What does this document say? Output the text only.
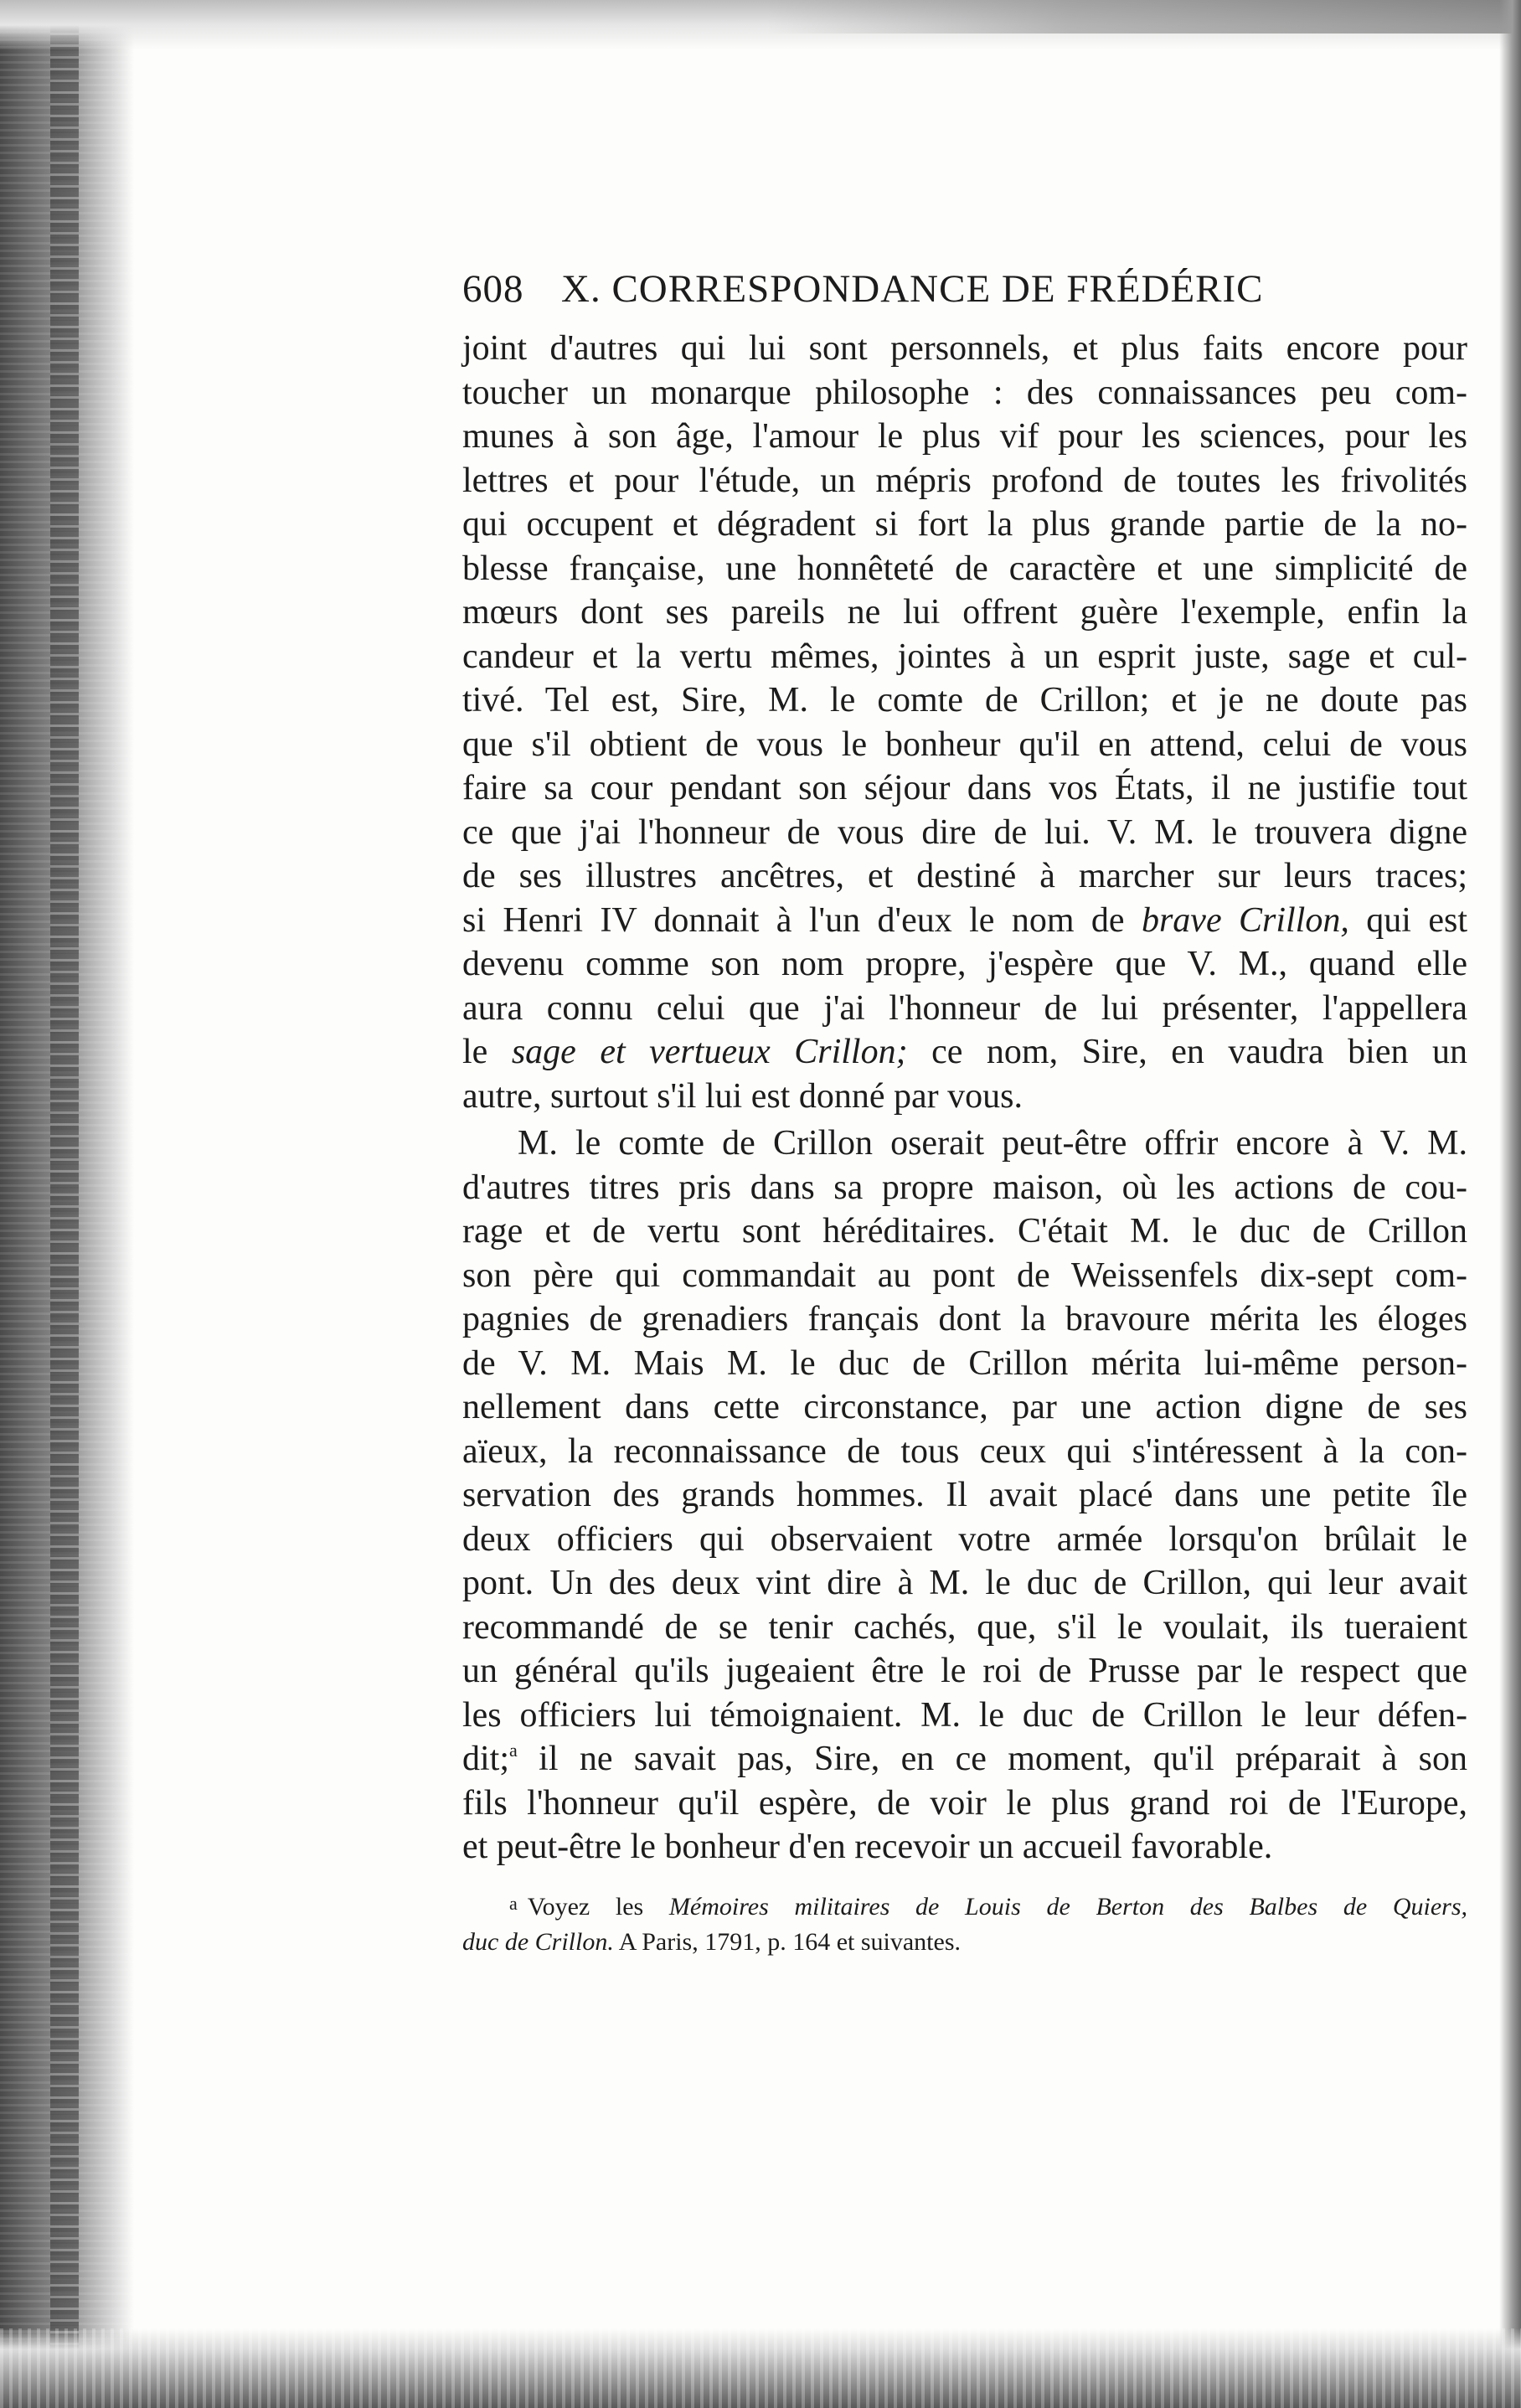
608 X. CORRESPONDANCE DE FRÉDÉRIC
joint d'autres qui lui sont personnels, et plus faits encore pour
toucher un monarque philosophe : des connaissances peu com-
munes à son âge, l'amour le plus vif pour les sciences, pour les
lettres et pour l'étude, un mépris profond de toutes les frivolités
qui occupent et dégradent si fort la plus grande partie de la no-
blesse française, une honnêteté de caractère et une simplicité de
mœurs dont ses pareils ne lui offrent guère l'exemple, enfin la
candeur et la vertu mêmes, jointes à un esprit juste, sage et cul-
tivé. Tel est, Sire, M. le comte de Crillon; et je ne doute pas
que s'il obtient de vous le bonheur qu'il en attend, celui de vous
faire sa cour pendant son séjour dans vos États, il ne justifie tout
ce que j'ai l'honneur de vous dire de lui. V. M. le trouvera digne
de ses illustres ancêtres, et destiné à marcher sur leurs traces;
si Henri IV donnait à l'un d'eux le nom de brave Crillon, qui est
devenu comme son nom propre, j'espère que V. M., quand elle
aura connu celui que j'ai l'honneur de lui présenter, l'appellera
le sage et vertueux Crillon; ce nom, Sire, en vaudra bien un
autre, surtout s'il lui est donné par vous.
M. le comte de Crillon oserait peut-être offrir encore à V. M.
d'autres titres pris dans sa propre maison, où les actions de cou-
rage et de vertu sont héréditaires. C'était M. le duc de Crillon
son père qui commandait au pont de Weissenfels dix-sept com-
pagnies de grenadiers français dont la bravoure mérita les éloges
de V. M. Mais M. le duc de Crillon mérita lui-même person-
nellement dans cette circonstance, par une action digne de ses
aïeux, la reconnaissance de tous ceux qui s'intéressent à la con-
servation des grands hommes. Il avait placé dans une petite île
deux officiers qui observaient votre armée lorsqu'on brûlait le
pont. Un des deux vint dire à M. le duc de Crillon, qui leur avait
recommandé de se tenir cachés, que, s'il le voulait, ils tueraient
un général qu'ils jugeaient être le roi de Prusse par le respect que
les officiers lui témoignaient. M. le duc de Crillon le leur défen-
dit;$^a$ il ne savait pas, Sire, en ce moment, qu'il préparait à son
fils l'honneur qu'il espère, de voir le plus grand roi de l'Europe,
et peut-être le bonheur d'en recevoir un accueil favorable.
$^a$ Voyez les Mémoires militaires de Louis de Berton des Balbes de Quiers,
duc de Crillon. A Paris, 1791, p. 164 et suivantes.
